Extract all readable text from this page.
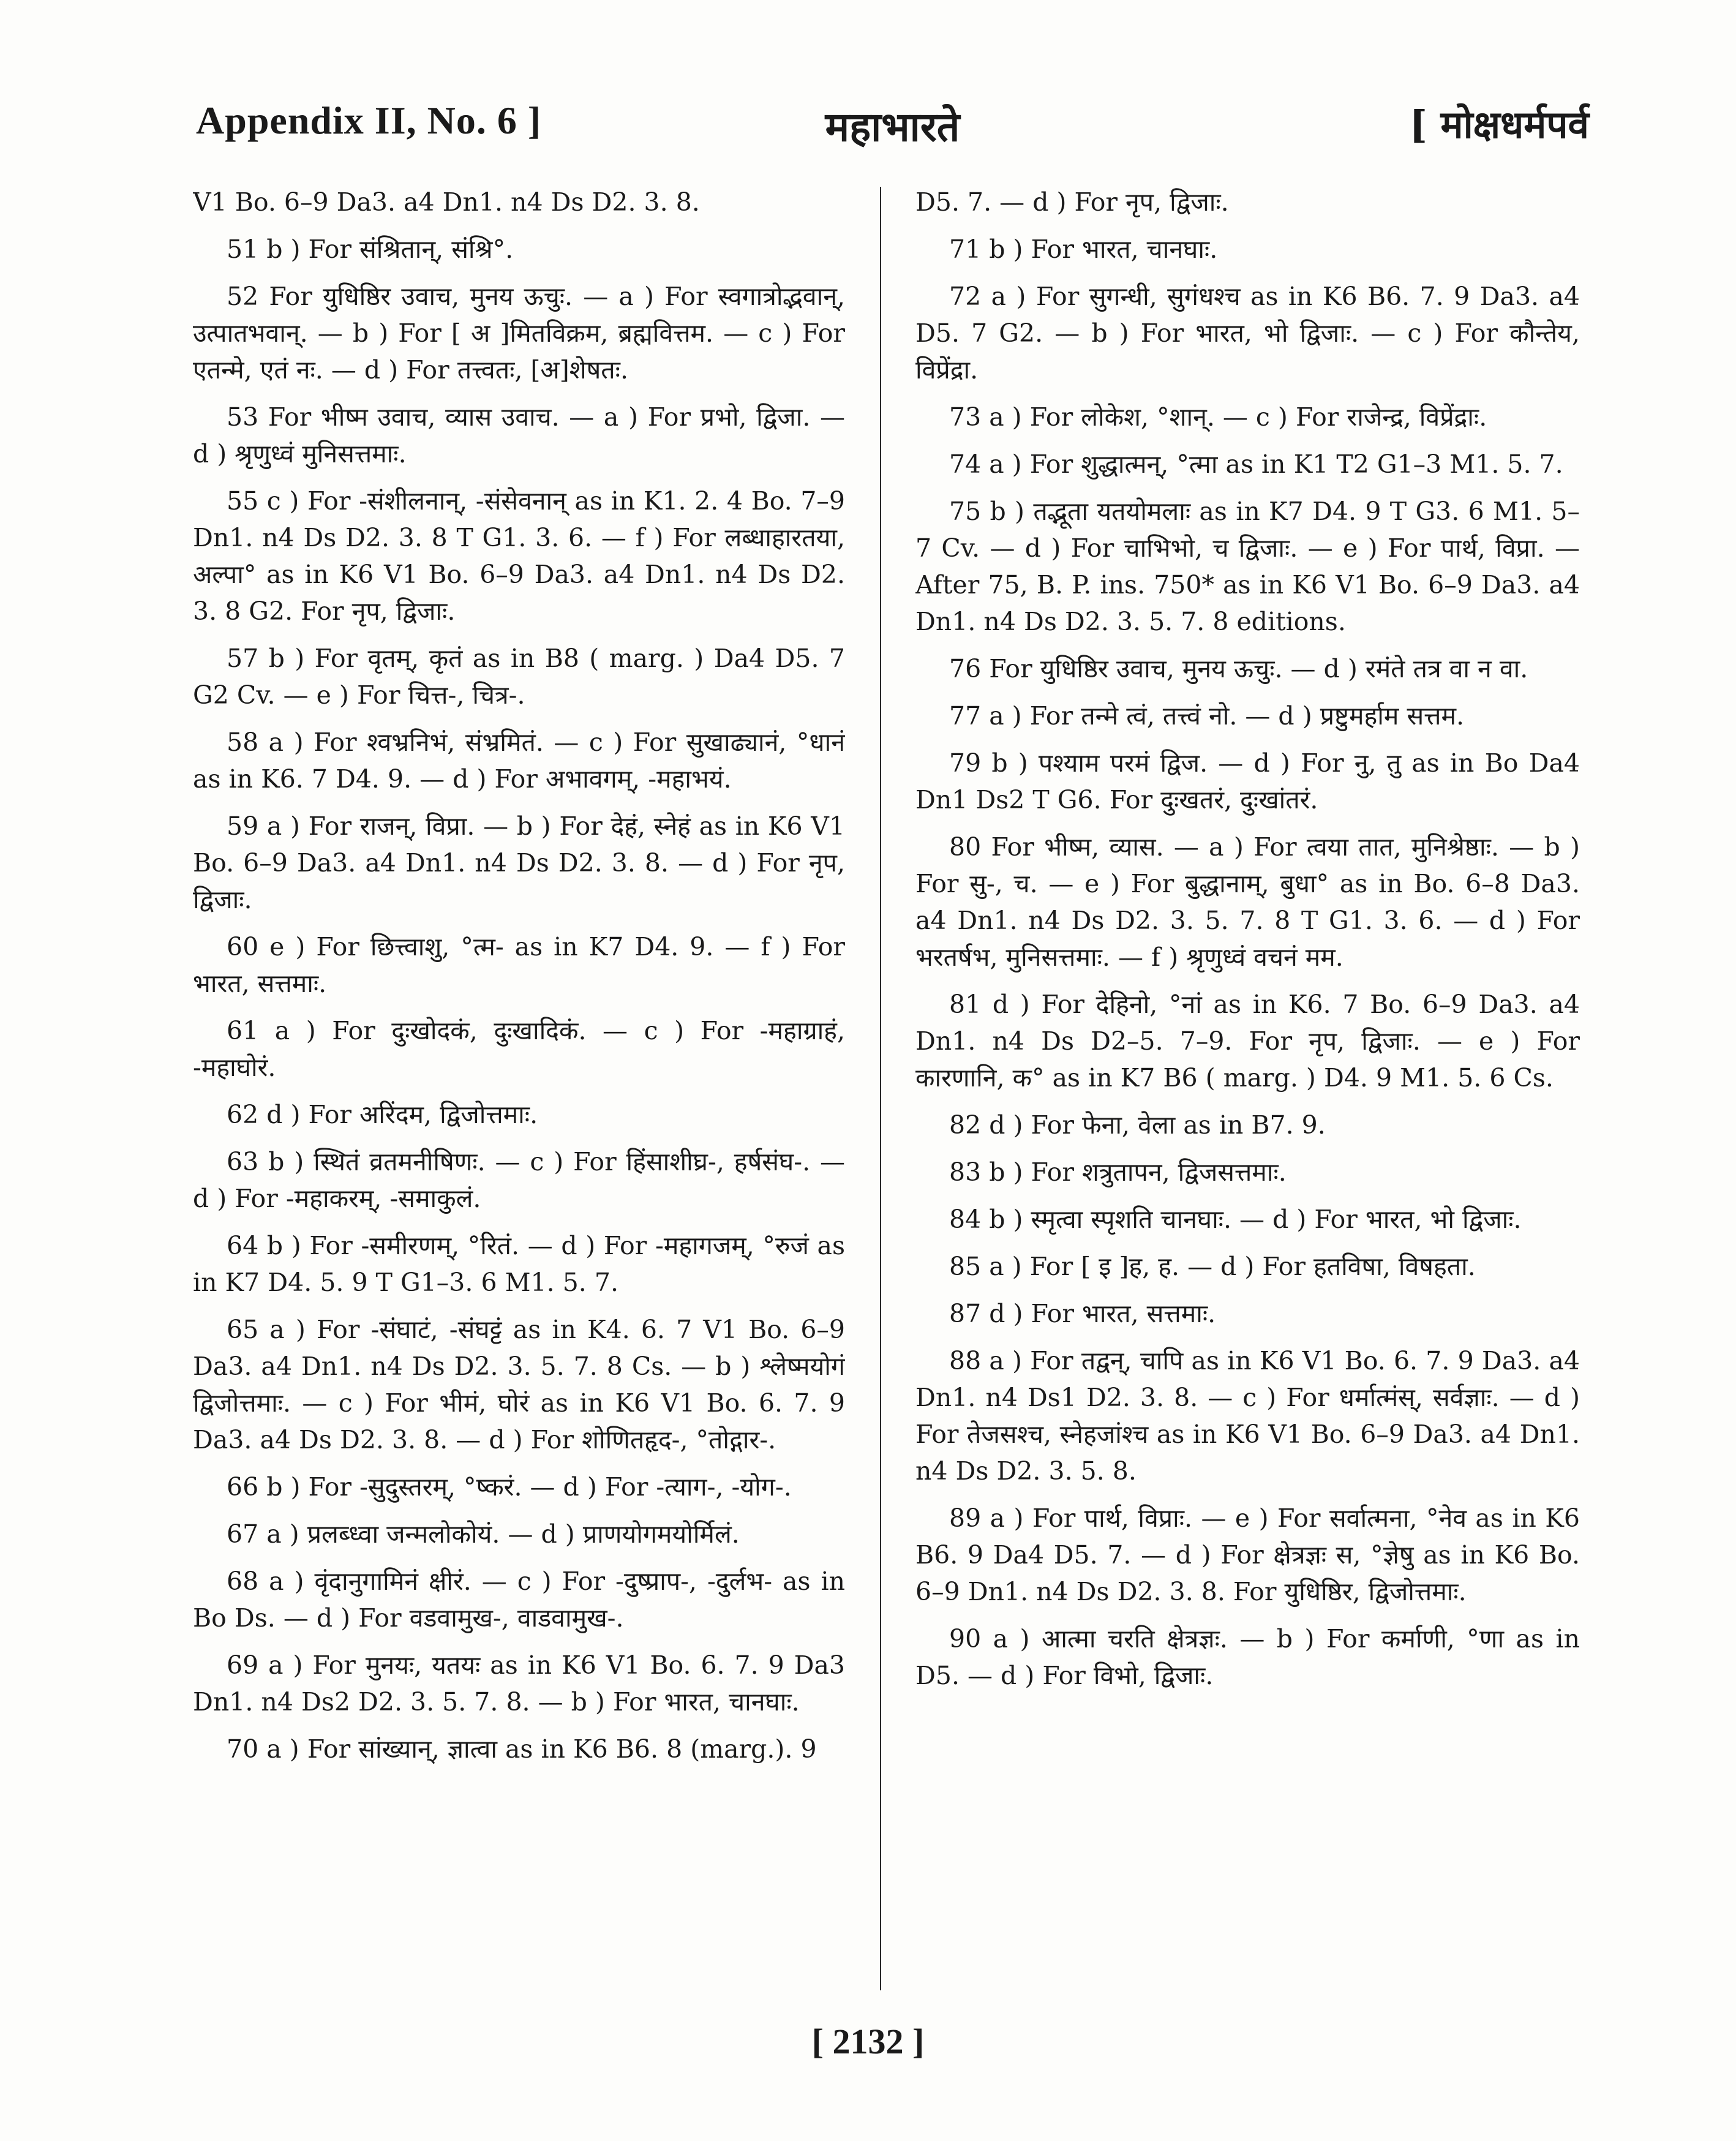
Appendix II, No. 6 ]	महाभारते	[ मोक्षधर्मपर्व

V1 Bo. 6–9 Da3. a4 Dn1. n4 Ds D2. 3. 8.

51 b ) For संश्रितान्, संश्रि°.

52 For युधिष्ठिर उवाच, मुनय ऊचुः. — a ) For स्वगात्रोद्भवान्, उत्पातभवान्. — b ) For [ अ ]मितविक्रम, ब्रह्मवित्तम. — c ) For एतन्मे, एतं नः. — d ) For तत्त्वतः, [अ]शेषतः.

53 For भीष्म उवाच, व्यास उवाच. — a ) For प्रभो, द्विजा. — d ) श्रृणुध्वं मुनिसत्तमाः.

55 c ) For -संशीलनान्, -संसेवनान् as in K1. 2. 4 Bo. 7–9 Dn1. n4 Ds D2. 3. 8 T G1. 3. 6. — f ) For लब्धाहारतया, अल्पा° as in K6 V1 Bo. 6–9 Da3. a4 Dn1. n4 Ds D2. 3. 8 G2. For नृप, द्विजाः.

57 b ) For वृतम्, कृतं as in B8 ( marg. ) Da4 D5. 7 G2 Cv. — e ) For चित्त-, चित्र-.

58 a ) For श्वभ्रनिभं, संभ्रमितं. — c ) For सुखाढ्यानं, °धानं as in K6. 7 D4. 9. — d ) For अभावगम्, -महाभयं.

59 a ) For राजन्, विप्रा. — b ) For देहं, स्नेहं as in K6 V1 Bo. 6–9 Da3. a4 Dn1. n4 Ds D2. 3. 8. — d ) For नृप, द्विजाः.

60 e ) For छित्त्वाशु, °त्म- as in K7 D4. 9. — f ) For भारत, सत्तमाः.

61 a ) For दुःखोदकं, दुःखादिकं. — c ) For -महाग्राहं, -महाघोरं.

62 d ) For अरिंदम, द्विजोत्तमाः.

63 b ) स्थितं व्रतमनीषिणः. — c ) For हिंसाशीघ्र-, हर्षसंघ-. — d ) For -महाकरम्, -समाकुलं.

64 b ) For -समीरणम्, °रितं. — d ) For -महागजम्, °रुजं as in K7 D4. 5. 9 T G1–3. 6 M1. 5. 7.

65 a ) For -संघाटं, -संघट्टं as in K4. 6. 7 V1 Bo. 6–9 Da3. a4 Dn1. n4 Ds D2. 3. 5. 7. 8 Cs. — b ) श्लेष्मयोगं द्विजोत्तमाः. — c ) For भीमं, घोरं as in K6 V1 Bo. 6. 7. 9 Da3. a4 Ds D2. 3. 8. — d ) For शोणितहृद-, °तोद्गार-.

66 b ) For -सुदुस्तरम्, °ष्करं. — d ) For -त्याग-, -योग-.

67 a ) प्रलब्ध्वा जन्मलोकोयं. — d ) प्राणयोगमयोर्मिलं.

68 a ) वृंदानुगामिनं क्षीरं. — c ) For -दुष्प्राप-, -दुर्लभ- as in Bo Ds. — d ) For वडवामुख-, वाडवामुख-.

69 a ) For मुनयः, यतयः as in K6 V1 Bo. 6. 7. 9 Da3 Dn1. n4 Ds2 D2. 3. 5. 7. 8. — b ) For भारत, चानघाः.

70 a ) For सांख्यान्, ज्ञात्वा as in K6 B6. 8 (marg.). 9

D5. 7. — d ) For नृप, द्विजाः.

71 b ) For भारत, चानघाः.

72 a ) For सुगन्धी, सुगंधश्च as in K6 B6. 7. 9 Da3. a4 D5. 7 G2. — b ) For भारत, भो द्विजाः. — c ) For कौन्तेय, विप्रेंद्रा.

73 a ) For लोकेश, °शान्. — c ) For राजेन्द्र, विप्रेंद्राः.

74 a ) For शुद्धात्मन्, °त्मा as in K1 T2 G1–3 M1. 5. 7.

75 b ) तद्भूता यतयोमलाः as in K7 D4. 9 T G3. 6 M1. 5–7 Cv. — d ) For चाभिभो, च द्विजाः. — e ) For पार्थ, विप्रा. — After 75, B. P. ins. 750* as in K6 V1 Bo. 6–9 Da3. a4 Dn1. n4 Ds D2. 3. 5. 7. 8 editions.

76 For युधिष्ठिर उवाच, मुनय ऊचुः. — d ) रमंते तत्र वा न वा.

77 a ) For तन्मे त्वं, तत्त्वं नो. — d ) प्रष्टुमर्हाम सत्तम.

79 b ) पश्याम परमं द्विज. — d ) For नु, तु as in Bo Da4 Dn1 Ds2 T G6. For दुःखतरं, दुःखांतरं.

80 For भीष्म, व्यास. — a ) For त्वया तात, मुनिश्रेष्ठाः. — b ) For सु-, च. — e ) For बुद्धानाम्, बुधा° as in Bo. 6–8 Da3. a4 Dn1. n4 Ds D2. 3. 5. 7. 8 T G1. 3. 6. — d ) For भरतर्षभ, मुनिसत्तमाः. — f ) श्रृणुध्वं वचनं मम.

81 d ) For देहिनो, °नां as in K6. 7 Bo. 6–9 Da3. a4 Dn1. n4 Ds D2–5. 7–9. For नृप, द्विजाः. — e ) For कारणानि, क° as in K7 B6 ( marg. ) D4. 9 M1. 5. 6 Cs.

82 d ) For फेना, वेला as in B7. 9.

83 b ) For शत्रुतापन, द्विजसत्तमाः.

84 b ) स्मृत्वा स्पृशति चानघाः. — d ) For भारत, भो द्विजाः.

85 a ) For [ इ ]ह, ह. — d ) For हतविषा, विषहता.

87 d ) For भारत, सत्तमाः.

88 a ) For तद्वन्, चापि as in K6 V1 Bo. 6. 7. 9 Da3. a4 Dn1. n4 Ds1 D2. 3. 8. — c ) For धर्मात्मंस्, सर्वज्ञाः. — d ) For तेजसश्च, स्नेहजांश्च as in K6 V1 Bo. 6–9 Da3. a4 Dn1. n4 Ds D2. 3. 5. 8.

89 a ) For पार्थ, विप्राः. — e ) For सर्वात्मना, °नेव as in K6 B6. 9 Da4 D5. 7. — d ) For क्षेत्रज्ञः स, °ज्ञेषु as in K6 Bo. 6–9 Dn1. n4 Ds D2. 3. 8. For युधिष्ठिर, द्विजोत्तमाः.

90 a ) आत्मा चरति क्षेत्रज्ञः. — b ) For कर्माणी, °णा as in D5. — d ) For विभो, द्विजाः.

[ 2132 ]
